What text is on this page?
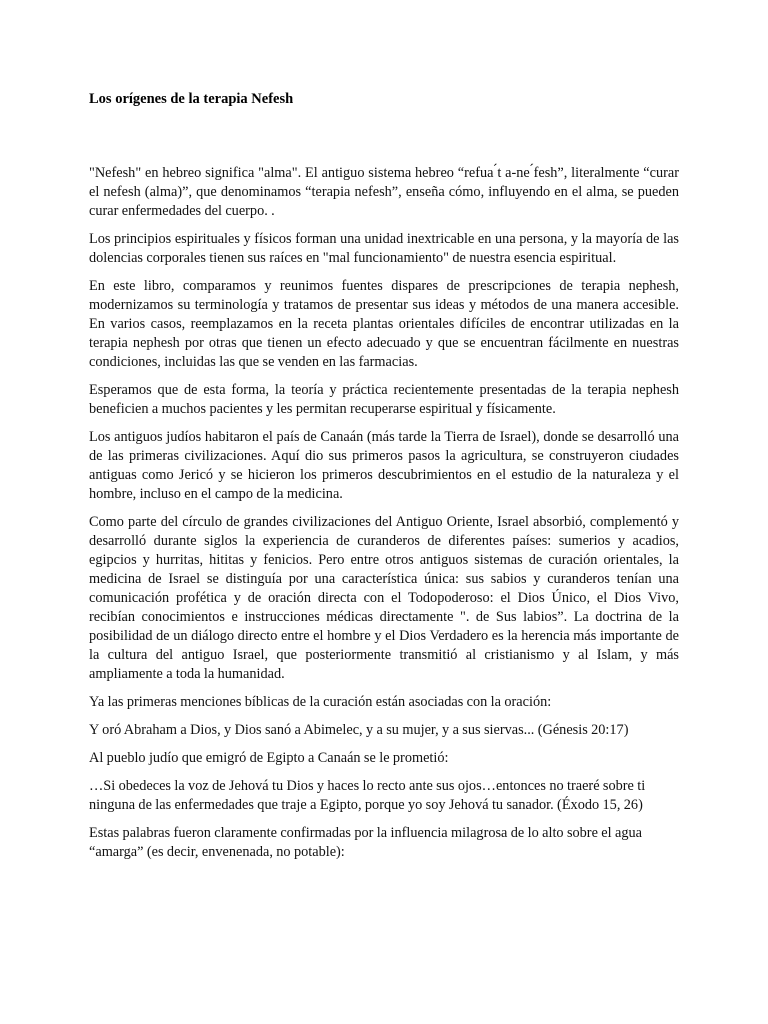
Los orígenes de la terapia Nefesh

"Nefesh" en hebreo significa "alma". El antiguo sistema hebreo “refua ́t a-ne ́fesh”, literalmente “curar el nefesh (alma)”, que denominamos “terapia nefesh”, enseña cómo, influyendo en el alma, se pueden curar enfermedades del cuerpo. .

Los principios espirituales y físicos forman una unidad inextricable en una persona, y la mayoría de las dolencias corporales tienen sus raíces en "mal funcionamiento" de nuestra esencia espiritual.

En este libro, comparamos y reunimos fuentes dispares de prescripciones de terapia nephesh, modernizamos su terminología y tratamos de presentar sus ideas y métodos de una manera accesible. En varios casos, reemplazamos en la receta plantas orientales difíciles de encontrar utilizadas en la terapia nephesh por otras que tienen un efecto adecuado y que se encuentran fácilmente en nuestras condiciones, incluidas las que se venden en las farmacias.

Esperamos que de esta forma, la teoría y práctica recientemente presentadas de la terapia nephesh beneficien a muchos pacientes y les permitan recuperarse espiritual y físicamente.

Los antiguos judíos habitaron el país de Canaán (más tarde la Tierra de Israel), donde se desarrolló una de las primeras civilizaciones. Aquí dio sus primeros pasos la agricultura, se construyeron ciudades antiguas como Jericó y se hicieron los primeros descubrimientos en el estudio de la naturaleza y el hombre, incluso en el campo de la medicina.

Como parte del círculo de grandes civilizaciones del Antiguo Oriente, Israel absorbió, complementó y desarrolló durante siglos la experiencia de curanderos de diferentes países: sumerios y acadios, egipcios y hurritas, hititas y fenicios. Pero entre otros antiguos sistemas de curación orientales, la medicina de Israel se distinguía por una característica única: sus sabios y curanderos tenían una comunicación profética y de oración directa con el Todopoderoso: el Dios Único, el Dios Vivo, recibían conocimientos e instrucciones médicas directamente ". de Sus labios”. La doctrina de la posibilidad de un diálogo directo entre el hombre y el Dios Verdadero es la herencia más importante de la cultura del antiguo Israel, que posteriormente transmitió al cristianismo y al Islam, y más ampliamente a toda la humanidad.

Ya las primeras menciones bíblicas de la curación están asociadas con la oración:

Y oró Abraham a Dios, y Dios sanó a Abimelec, y a su mujer, y a sus siervas... (Génesis 20:17)

Al pueblo judío que emigró de Egipto a Canaán se le prometió:

…Si obedeces la voz de Jehová tu Dios y haces lo recto ante sus ojos…entonces no traeré sobre ti ninguna de las enfermedades que traje a Egipto, porque yo soy Jehová tu sanador. (Éxodo 15, 26)

Estas palabras fueron claramente confirmadas por la influencia milagrosa de lo alto sobre el agua “amarga” (es decir, envenenada, no potable):
